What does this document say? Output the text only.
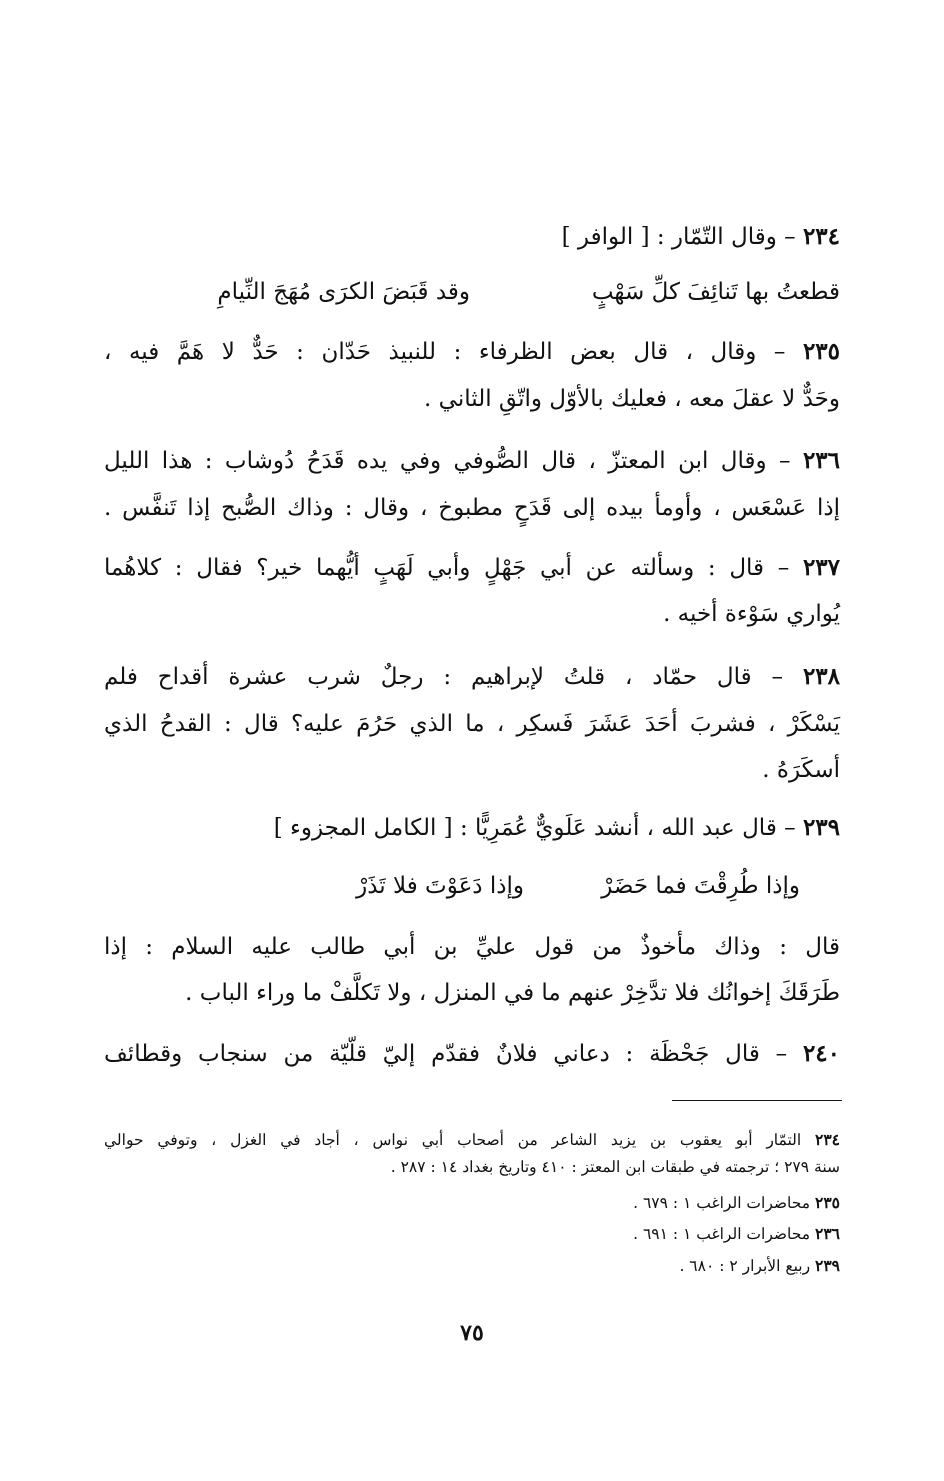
٢٣٤ – وقال التّمّار : [ الوافر ]
قطعتُ بها تَنائِفَ كلِّ سَهْبٍ
وقد قَبَضَ الكرَى مُهَجَ النِّيامِ
٢٣٥ – وقال ، قال بعض الظرفاء : للنبيذ حَدّان : حَدٌّ لا هَمَّ فيه ،
وحَدٌّ لا عقلَ معه ، فعليك بالأوّل واتّقِ الثاني .
٢٣٦ – وقال ابن المعتزّ ، قال الصُّوفي وفي يده قَدَحُ دُوشاب : هذا الليل
إذا عَسْعَس ، وأومأ بيده إلى قَدَحٍ مطبوخ ، وقال : وذاك الصُّبح إذا تَنفَّس .
٢٣٧ – قال : وسألته عن أبي جَهْلٍ وأبي لَهَبٍ أيُّهما خير؟ فقال : كلاهُما
يُواري سَوْءة أخيه .
٢٣٨ – قال حمّاد ، قلتُ لإبراهيم : رجلٌ شرب عشرة أقداح فلم
يَسْكَرْ ، فشربَ أحَدَ عَشَرَ فَسكِر ، ما الذي حَرُمَ عليه؟ قال : القدحُ الذي
أسكَرَهُ .
٢٣٩ – قال عبد الله ، أنشد عَلَويٌّ عُمَرِيًّا : [ الكامل المجزوء ]
وإذا طُرِقْتَ فما حَضَرْ
وإذا دَعَوْتَ فلا تَذَرْ
قال : وذاك مأخوذٌ من قول عليِّ بن أبي طالب عليه السلام : إذا
طَرَقَكَ إخوانُك فلا تدَّخِرْ عنهم ما في المنزل ، ولا تَكلَّفْ ما وراء الباب .
٢٤٠ – قال جَحْظَة : دعاني فلانٌ فقدّم إليّ قلّيّة من سنجاب وقطائف
٢٣٤ التمّار أبو يعقوب بن يزيد الشاعر من أصحاب أبي نواس ، أجاد في الغزل ، وتوفي حوالي
سنة ٢٧٩ ؛ ترجمته في طبقات ابن المعتز : ٤١٠ وتاريخ بغداد ١٤ : ٢٨٧ .
٢٣٥ محاضرات الراغب ١ : ٦٧٩ .
٢٣٦ محاضرات الراغب ١ : ٦٩١ .
٢٣٩ ربيع الأبرار ٢ : ٦٨٠ .
٧٥
